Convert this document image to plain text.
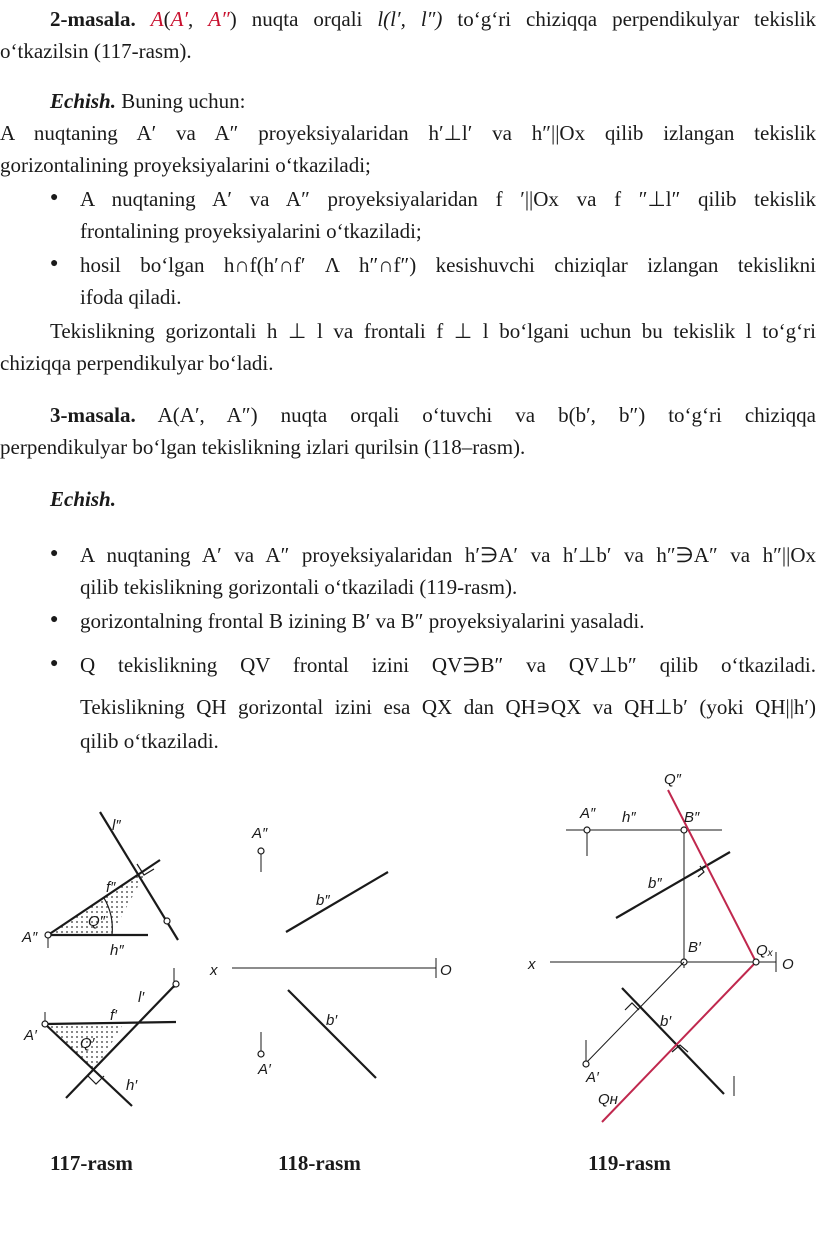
2-masala. A(A′, A″) nuqta orqali l(l′, l″) to‘g‘ri chiziqqa perpendikulyar tekislik
o‘tkazilsin (117-rasm).
Echish. Buning uchun:
A nuqtaning A′ va A″ proyeksiyalaridan h′⊥l′ va h″||Ox qilib izlangan tekislik
gorizontalining proyeksiyalarini o‘tkaziladi;
● A nuqtaning A′ va A″ proyeksiyalaridan f ′||Ox va f ″⊥l″ qilib tekislik
frontalining proyeksiyalarini o‘tkaziladi;
● hosil bo‘lgan h∩f(h′∩f′ Λ h″∩f″) kesishuvchi chiziqlar izlangan tekislikni
ifoda qiladi.
Tekislikning gorizontali h ⊥ l va frontali f ⊥ l bo‘lgani uchun bu tekislik l to‘g‘ri
chiziqqa perpendikulyar bo‘ladi.
3-masala. A(A′, A″) nuqta orqali o‘tuvchi va b(b′, b″) to‘g‘ri chiziqqa
perpendikulyar bo‘lgan tekislikning izlari qurilsin (118–rasm).
Echish.
● A nuqtaning A′ va A″ proyeksiyalaridan h′∋A′ va h′⊥b′ va h″∋A″ va h″||Ox
qilib tekislikning gorizontali o‘tkaziladi (119-rasm).
● gorizontalning frontal B izining B′ va B″ proyeksiyalarini yasaladi.
● Q tekislikning QV frontal izini QV∋B″ va QV⊥b″ qilib o‘tkaziladi.
Tekislikning QH gorizontal izini esa QX dan QH∍QX va QH⊥b′ (yoki QH||h′)
qilib o‘tkaziladi.
l″
f″
A″
Q″
h″
l′
f′
A′	Q′
h′
A″
b″
x	O
b′
A′
Q″
A″ h″	B″
b″
x
B′	Qₓ
O
b′
A′
Qʜ
117-rasm	118-rasm	119-rasm
